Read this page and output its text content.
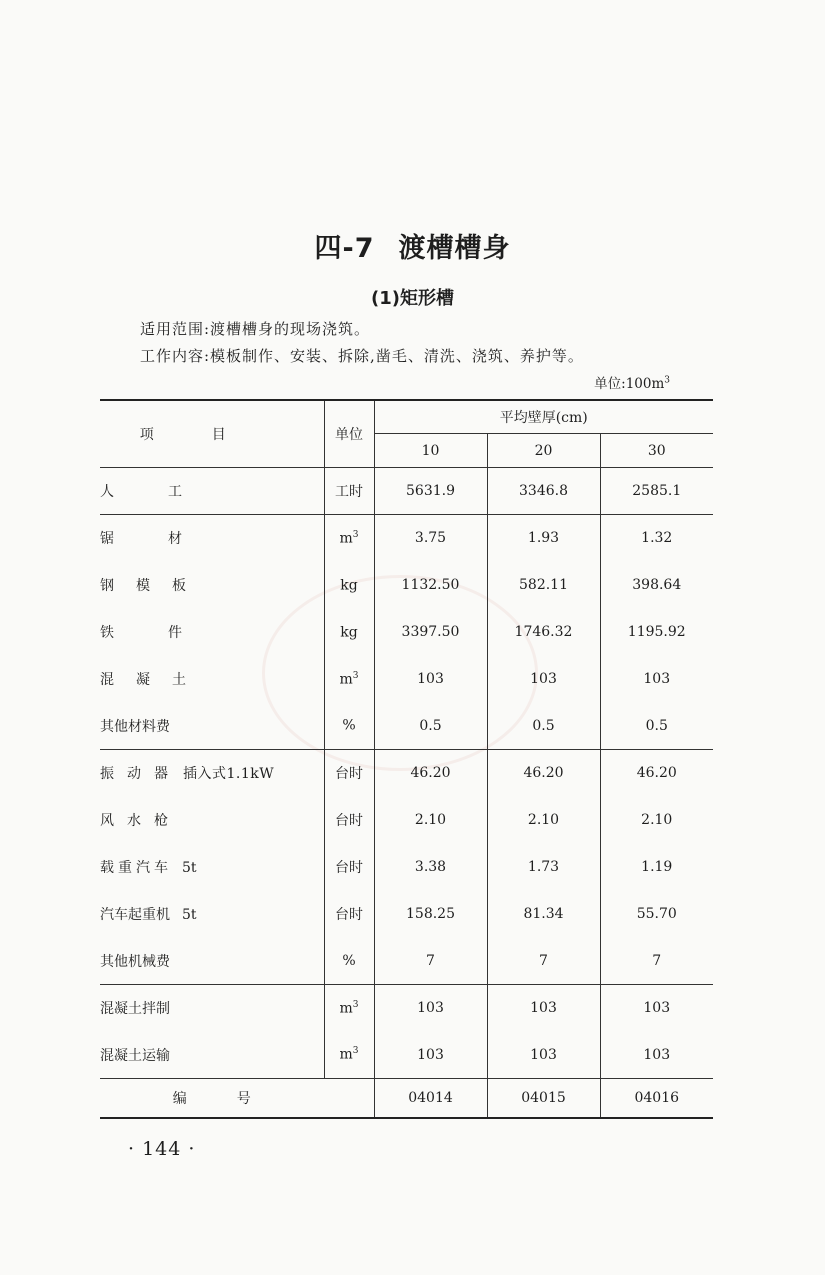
四-7 渡槽槽身
(1)矩形槽
适用范围:渡槽槽身的现场浇筑。
工作内容:模板制作、安装、拆除,凿毛、清洗、浇筑、养护等。
单位$:100m^3$
项目	单位	平均壁厚(cm)		
		10	20	30
人工	工时	5631.9	3346.8	2585.1
锯材	$m^3$	3.75	1.93	1.32
钢模板	kg	1132.50	582.11	398.64
铁件	kg	3397.50	1746.32	1195.92
混凝土	$m^3$	103	103	103
其他材料费	%	0.5	0.5	0.5
振动器 插入式1.1kW	台时	46.20	46.20	46.20
风水枪	台时	2.10	2.10	2.10
载重汽车 5t	台时	3.38	1.73	1.19
汽车起重机 5t	台时	158.25	81.34	55.70
其他机械费	%	7	7	7
混凝土拌制	$m^3$	103	103	103
混凝土运输	$m^3$	103	103	103
编号		04014	04015	04016
· 144 ·
